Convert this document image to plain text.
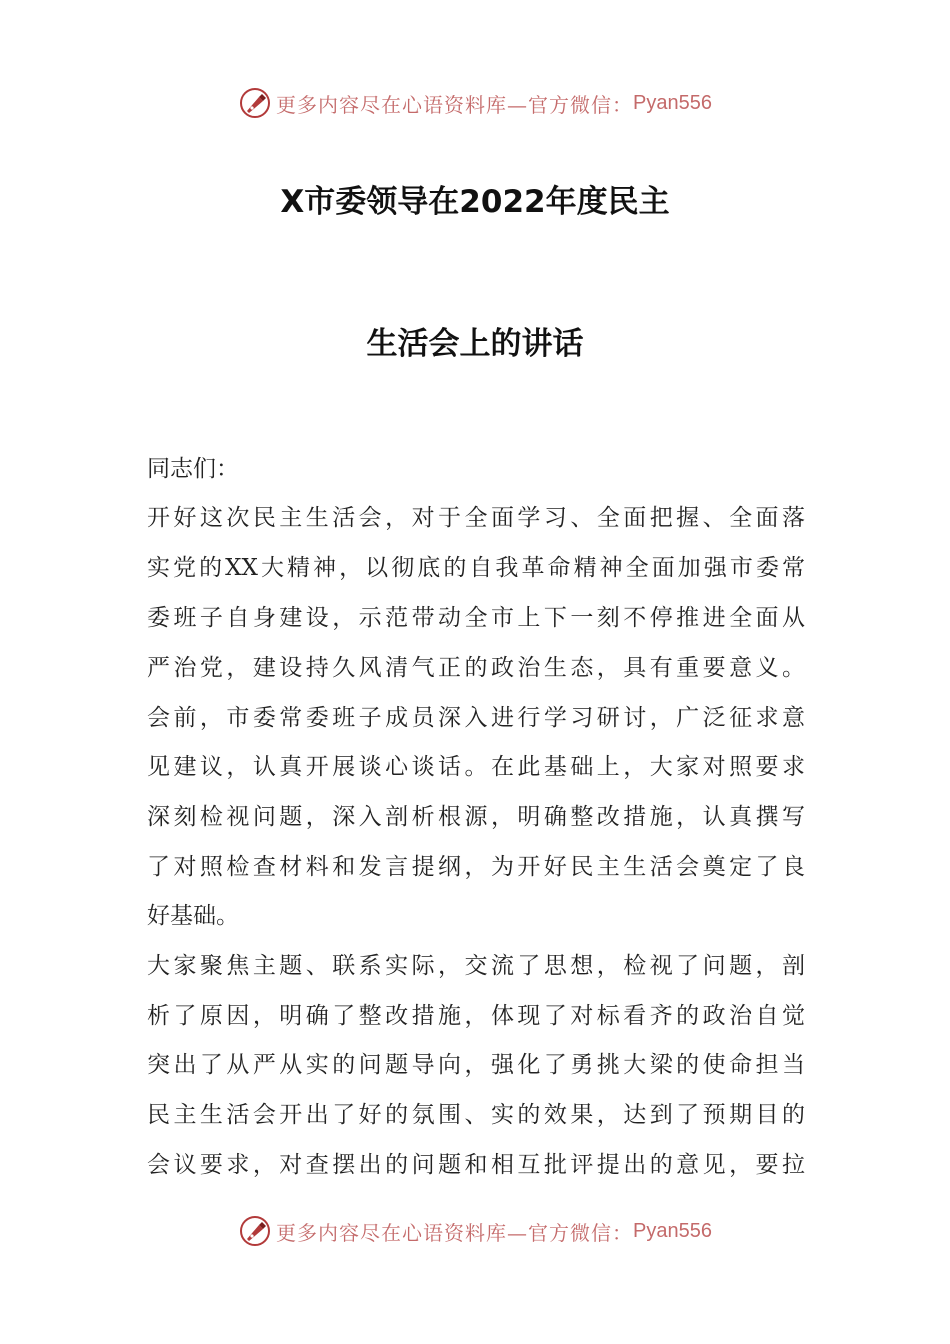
更多内容尽在心语资料库—官方微信： Pyan556
X市委领导在2022年度民主
生活会上的讲话
同志们：
开好这次民主生活会，对于全面学习、全面把握、全面落
实党的XX大精神，以彻底的自我革命精神全面加强市委常
委班子自身建设，示范带动全市上下一刻不停推进全面从
严治党，建设持久风清气正的政治生态，具有重要意义。
会前，市委常委班子成员深入进行学习研讨，广泛征求意
见建议，认真开展谈心谈话。在此基础上，大家对照要求
深刻检视问题，深入剖析根源，明确整改措施，认真撰写
了对照检查材料和发言提纲，为开好民主生活会奠定了良
好基础。
大家聚焦主题、联系实际，交流了思想，检视了问题，剖
析了原因，明确了整改措施，体现了对标看齐的政治自觉
突出了从严从实的问题导向，强化了勇挑大梁的使命担当
民主生活会开出了好的氛围、实的效果，达到了预期目的
会议要求，对查摆出的问题和相互批评提出的意见，要拉
更多内容尽在心语资料库—官方微信： Pyan556
